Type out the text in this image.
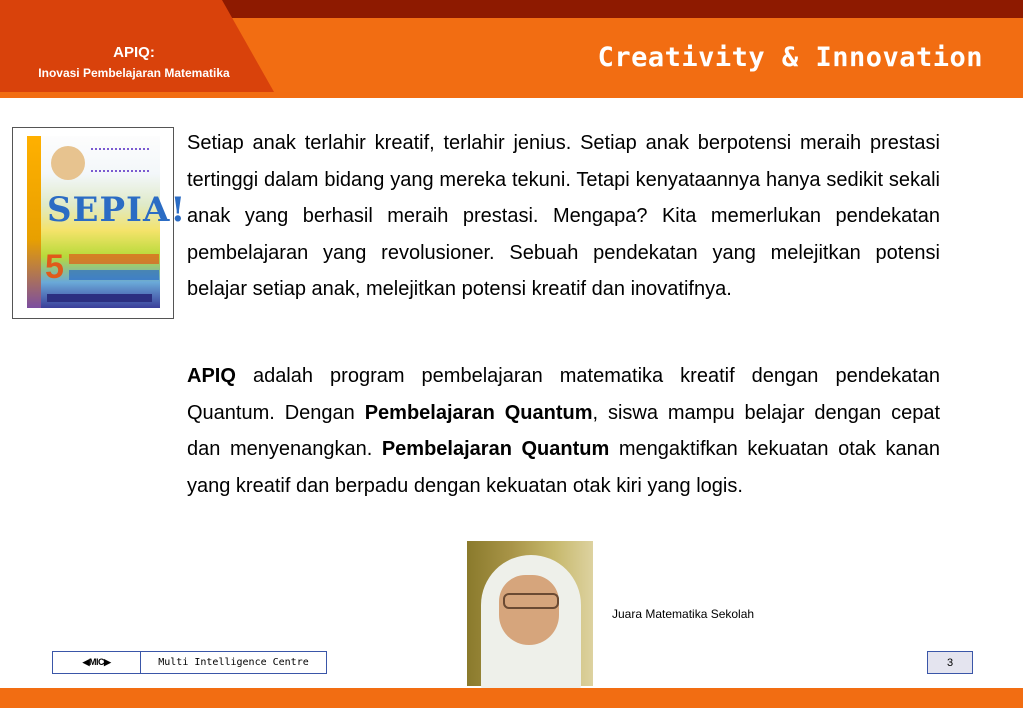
APIQ:
Inovasi Pembelajaran Matematika	Creativity & Innovation
SEPIA!
5

Setiap anak terlahir kreatif, terlahir jenius. Setiap anak berpotensi meraih prestasi tertinggi dalam bidang yang mereka tekuni. Tetapi kenyataannya hanya sedikit sekali anak yang berhasil meraih prestasi. Mengapa? Kita memerlukan pendekatan pembelajaran yang revolusioner. Sebuah pendekatan yang melejitkan potensi belajar setiap anak, melejitkan potensi kreatif dan inovatifnya.

APIQ adalah program pembelajaran matematika kreatif dengan pendekatan Quantum. Dengan Pembelajaran Quantum, siswa mampu belajar dengan cepat dan menyenangkan. Pembelajaran Quantum mengaktifkan kekuatan otak kanan yang kreatif dan berpadu dengan kekuatan otak kiri yang logis.

Juara Matematika Sekolah
◀MIC▶	Multi Intelligence Centre	3
